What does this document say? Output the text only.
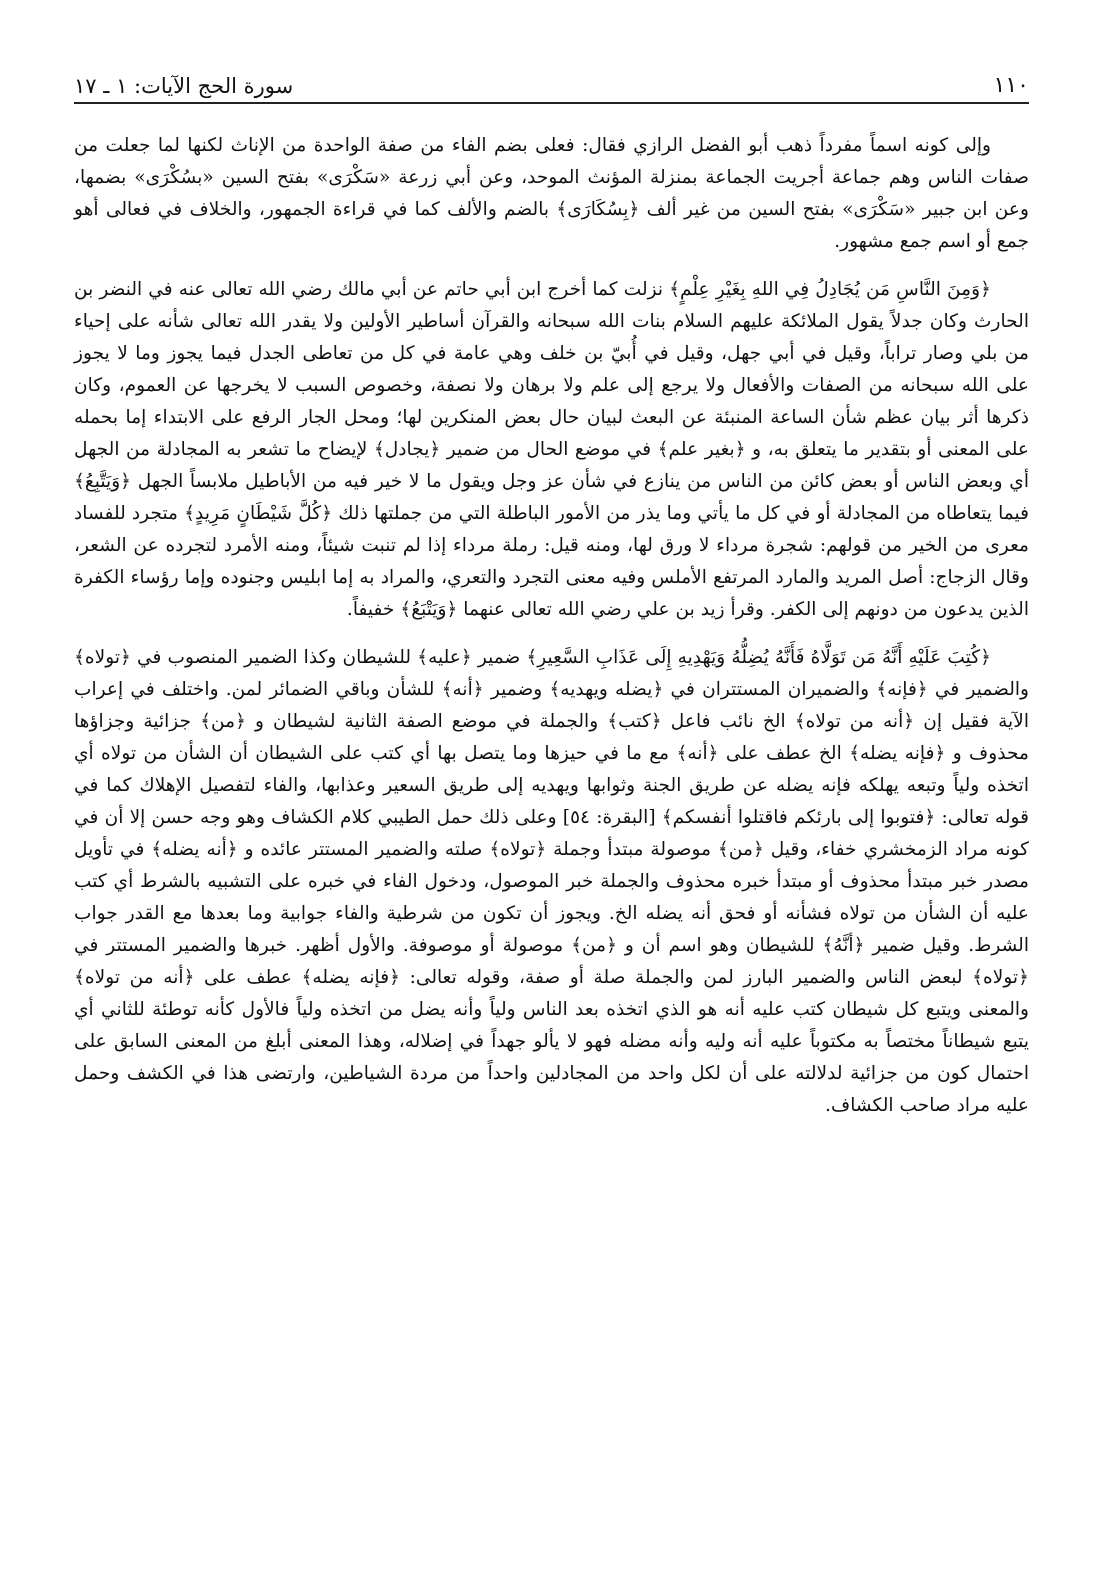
١١٠
سورة الحج الآيات: ١ ـ ١٧

وإلى كونه اسماً مفرداً ذهب أبو الفضل الرازي فقال: فعلى بضم الفاء من صفة الواحدة من الإناث لكنها لما جعلت من صفات الناس وهم جماعة أجريت الجماعة بمنزلة المؤنث الموحد، وعن أبي زرعة «سَكْرَى» بفتح السين «بسُكْرَى» بضمها، وعن ابن جبير «سَكْرَى» بفتح السين من غير ألف ﴿بِسُكَارَى﴾ بالضم والألف كما في قراءة الجمهور، والخلاف في فعالى أهو جمع أو اسم جمع مشهور.

﴿وَمِنَ النَّاسِ مَن يُجَادِلُ فِي اللهِ بِغَيْرِ عِلْمٍ﴾ نزلت كما أخرج ابن أبي حاتم عن أبي مالك رضي الله تعالى عنه في النضر بن الحارث وكان جدلاً يقول الملائكة عليهم السلام بنات الله سبحانه والقرآن أساطير الأولين ولا يقدر الله تعالى شأنه على إحياء من بلي وصار تراباً، وقيل في أبي جهل، وقيل في أُبيّ بن خلف وهي عامة في كل من تعاطى الجدل فيما يجوز وما لا يجوز على الله سبحانه من الصفات والأفعال ولا يرجع إلى علم ولا برهان ولا نصفة، وخصوص السبب لا يخرجها عن العموم، وكان ذكرها أثر بيان عظم شأن الساعة المنبئة عن البعث لبيان حال بعض المنكرين لها؛ ومحل الجار الرفع على الابتداء إما بحمله على المعنى أو بتقدير ما يتعلق به، و ﴿بغير علم﴾ في موضع الحال من ضمير ﴿يجادل﴾ لإيضاح ما تشعر به المجادلة من الجهل أي وبعض الناس أو بعض كائن من الناس من ينازع في شأن عز وجل ويقول ما لا خير فيه من الأباطيل ملابساً الجهل ﴿وَيَتَّبِعُ﴾ فيما يتعاطاه من المجادلة أو في كل ما يأتي وما يذر من الأمور الباطلة التي من جملتها ذلك ﴿كُلَّ شَيْطَانٍ مَرِيدٍ﴾ متجرد للفساد معرى من الخير من قولهم: شجرة مرداء لا ورق لها، ومنه قيل: رملة مرداء إذا لم تنبت شيئاً، ومنه الأمرد لتجرده عن الشعر، وقال الزجاج: أصل المريد والمارد المرتفع الأملس وفيه معنى التجرد والتعري، والمراد به إما ابليس وجنوده وإما رؤساء الكفرة الذين يدعون من دونهم إلى الكفر. وقرأ زيد بن علي رضي الله تعالى عنهما ﴿وَيَتْبَعُ﴾ خفيفاً.

﴿كُتِبَ عَلَيْهِ أَنَّهُ مَن تَوَلَّاهُ فَأَنَّهُ يُضِلُّهُ وَيَهْدِيهِ إِلَى عَذَابِ السَّعِيرِ﴾ ضمير ﴿عليه﴾ للشيطان وكذا الضمير المنصوب في ﴿تولاه﴾ والضمير في ﴿فإنه﴾ والضميران المستتران في ﴿يضله ويهديه﴾ وضمير ﴿أنه﴾ للشأن وباقي الضمائر لمن. واختلف في إعراب الآية فقيل إن ﴿أنه من تولاه﴾ الخ نائب فاعل ﴿كتب﴾ والجملة في موضع الصفة الثانية لشيطان و ﴿من﴾ جزائية وجزاؤها محذوف و ﴿فإنه يضله﴾ الخ عطف على ﴿أنه﴾ مع ما في حيزها وما يتصل بها أي كتب على الشيطان أن الشأن من تولاه أي اتخذه ولياً وتبعه يهلكه فإنه يضله عن طريق الجنة وثوابها ويهديه إلى طريق السعير وعذابها، والفاء لتفصيل الإهلاك كما في قوله تعالى: ﴿فتوبوا إلى بارئكم فاقتلوا أنفسكم﴾ [البقرة: ٥٤] وعلى ذلك حمل الطيبي كلام الكشاف وهو وجه حسن إلا أن في كونه مراد الزمخشري خفاء، وقيل ﴿من﴾ موصولة مبتدأ وجملة ﴿تولاه﴾ صلته والضمير المستتر عائده و ﴿أنه يضله﴾ في تأويل مصدر خبر مبتدأ محذوف أو مبتدأ خبره محذوف والجملة خبر الموصول، ودخول الفاء في خبره على التشبيه بالشرط أي كتب عليه أن الشأن من تولاه فشأنه أو فحق أنه يضله الخ. ويجوز أن تكون من شرطية والفاء جوابية وما بعدها مع القدر جواب الشرط. وقيل ضمير ﴿أنَّهُ﴾ للشيطان وهو اسم أن و ﴿من﴾ موصولة أو موصوفة. والأول أظهر. خبرها والضمير المستتر في ﴿تولاه﴾ لبعض الناس والضمير البارز لمن والجملة صلة أو صفة، وقوله تعالى: ﴿فإنه يضله﴾ عطف على ﴿أنه من تولاه﴾ والمعنى ويتبع كل شيطان كتب عليه أنه هو الذي اتخذه بعد الناس ولياً وأنه يضل من اتخذه ولياً فالأول كأنه توطئة للثاني أي يتبع شيطاناً مختصاً به مكتوباً عليه أنه وليه وأنه مضله فهو لا يألو جهداً في إضلاله، وهذا المعنى أبلغ من المعنى السابق على احتمال كون من جزائية لدلالته على أن لكل واحد من المجادلين واحداً من مردة الشياطين، وارتضى هذا في الكشف وحمل عليه مراد صاحب الكشاف.
